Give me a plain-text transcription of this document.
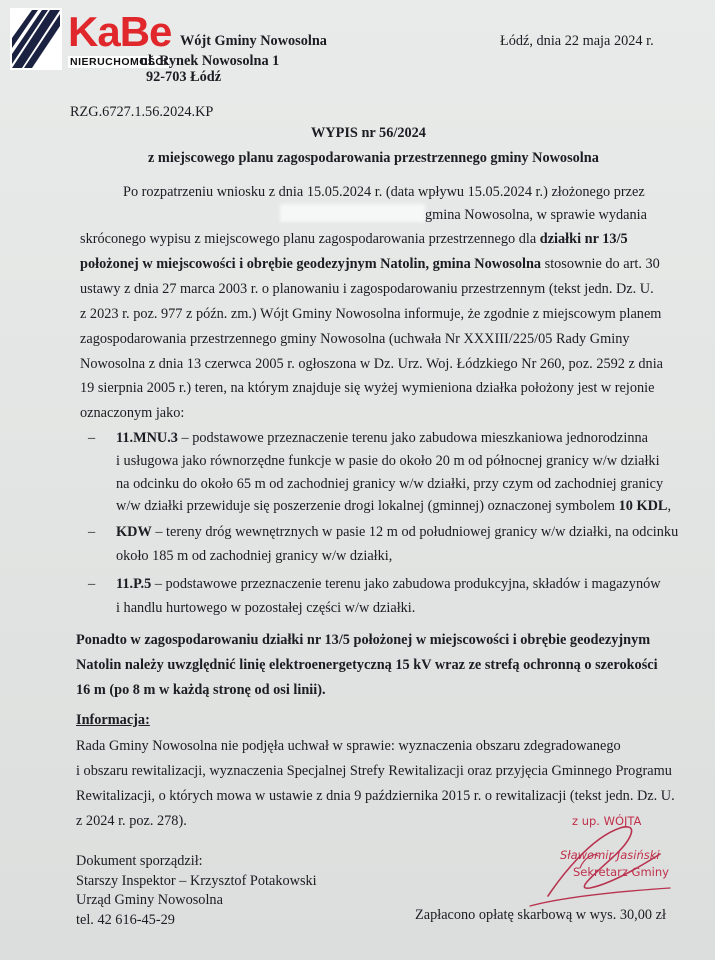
KaBe
NIERUCHOMOŚCI
Wójt Gminy Nowosolna
ul. Rynek Nowosolna 1
92-703 Łódź
Łódź, dnia 22 maja 2024 r.
RZG.6727.1.56.2024.KP
WYPIS nr 56/2024
z miejscowego planu zagospodarowania przestrzennego gminy Nowosolna
Po rozpatrzeniu wniosku z dnia 15.05.2024 r. (data wpływu 15.05.2024 r.) złożonego przez
gmina Nowosolna, w sprawie wydania
skróconego wypisu z miejscowego planu zagospodarowania przestrzennego dla działki nr 13/5
położonej w miejscowości i obrębie geodezyjnym Natolin, gmina Nowosolna stosownie do art. 30
ustawy z dnia 27 marca 2003 r. o planowaniu i zagospodarowaniu przestrzennym (tekst jedn. Dz. U.
z 2023 r. poz. 977 z późn. zm.) Wójt Gminy Nowosolna informuje, że zgodnie z miejscowym planem
zagospodarowania przestrzennego gminy Nowosolna (uchwała Nr XXXIII/225/05 Rady Gminy
Nowosolna z dnia 13 czerwca 2005 r. ogłoszona w Dz. Urz. Woj. Łódzkiego Nr 260, poz. 2592 z dnia
19 sierpnia 2005 r.) teren, na którym znajduje się wyżej wymieniona działka położony jest w rejonie
oznaczonym jako:
– 11.MNU.3 – podstawowe przeznaczenie terenu jako zabudowa mieszkaniowa jednorodzinna
i usługowa jako równorzędne funkcje w pasie do około 20 m od północnej granicy w/w działki
na odcinku do około 65 m od zachodniej granicy w/w działki, przy czym od zachodniej granicy
w/w działki przewiduje się poszerzenie drogi lokalnej (gminnej) oznaczonej symbolem 10 KDL,
– KDW – tereny dróg wewnętrznych w pasie 12 m od południowej granicy w/w działki, na odcinku
około 185 m od zachodniej granicy w/w działki,
– 11.P.5 – podstawowe przeznaczenie terenu jako zabudowa produkcyjna, składów i magazynów
i handlu hurtowego w pozostałej części w/w działki.
Ponadto w zagospodarowaniu działki nr 13/5 położonej w miejscowości i obrębie geodezyjnym
Natolin należy uwzględnić linię elektroenergetyczną 15 kV wraz ze strefą ochronną o szerokości
16 m (po 8 m w każdą stronę od osi linii).
Informacja:
Rada Gminy Nowosolna nie podjęła uchwał w sprawie: wyznaczenia obszaru zdegradowanego
i obszaru rewitalizacji, wyznaczenia Specjalnej Strefy Rewitalizacji oraz przyjęcia Gminnego Programu
Rewitalizacji, o których mowa w ustawie z dnia 9 października 2015 r. o rewitalizacji (tekst jedn. Dz. U.
z 2024 r. poz. 278).
Dokument sporządził:
Starszy Inspektor – Krzysztof Potakowski
Urząd Gminy Nowosolna
tel. 42 616-45-29	Zapłacono opłatę skarbową w wys. 30,00 zł
z up. WÓJTA
Sławomir Jasiński
Sekretarz Gminy
